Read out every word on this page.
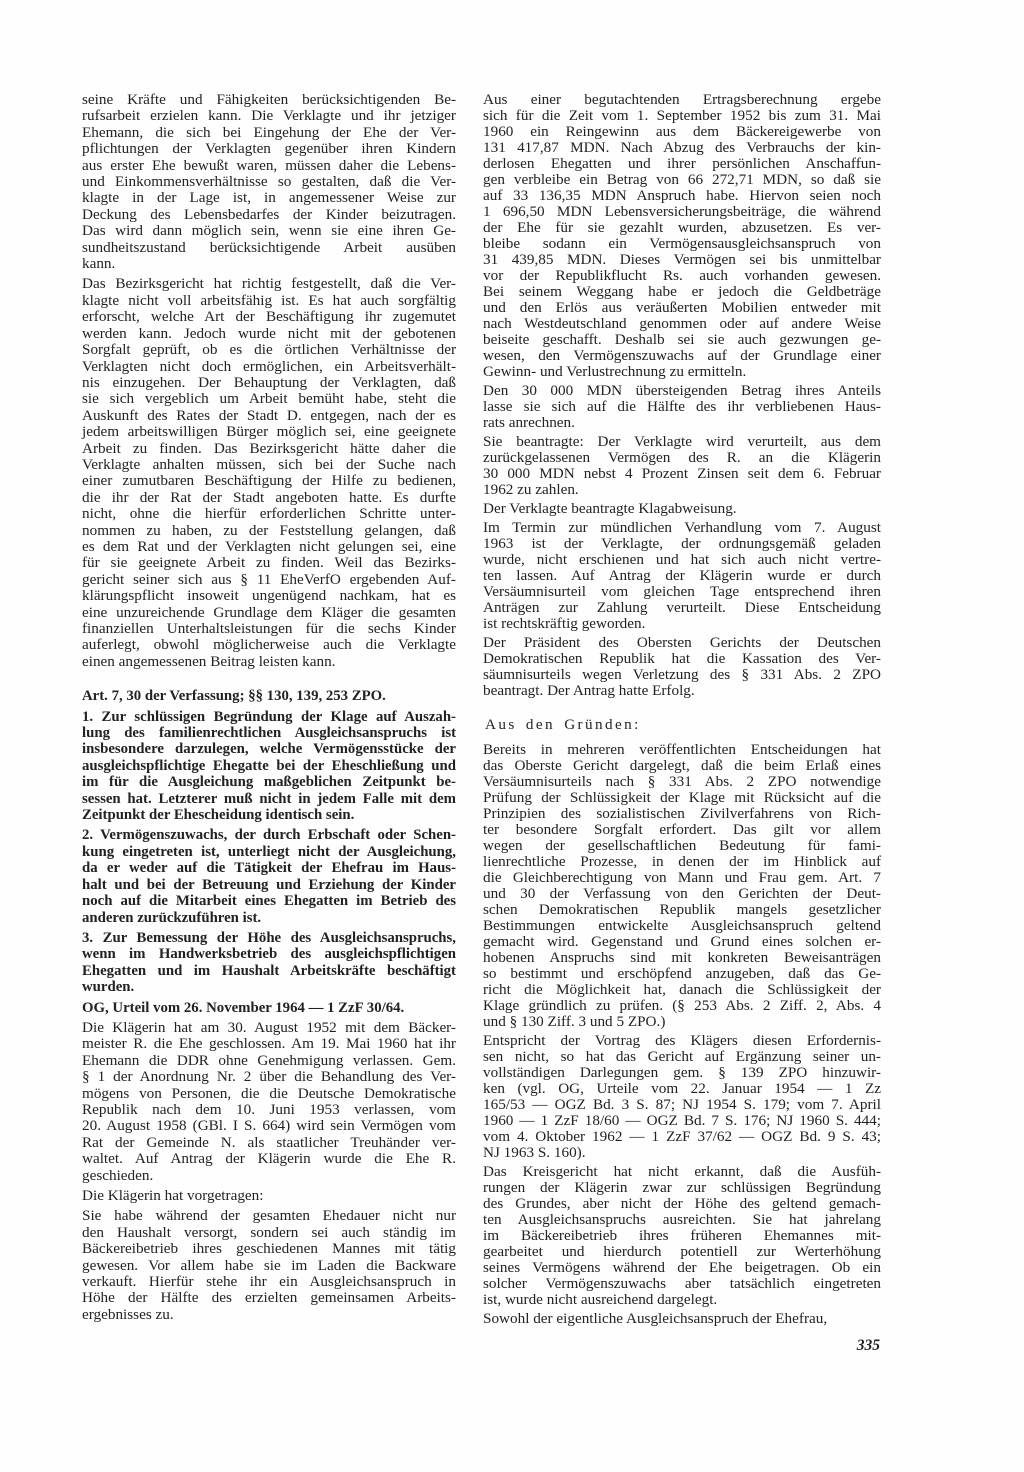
seine Kräfte und Fähigkeiten berücksichtigenden Be-
rufsarbeit erzielen kann. Die Verklagte und ihr jetziger
Ehemann, die sich bei Eingehung der Ehe der Ver-
pflichtungen der Verklagten gegenüber ihren Kindern
aus erster Ehe bewußt waren, müssen daher die Lebens-
und Einkommensverhältnisse so gestalten, daß die Ver-
klagte in der Lage ist, in angemessener Weise zur
Deckung des Lebensbedarfes der Kinder beizutragen.
Das wird dann möglich sein, wenn sie eine ihren Ge-
sundheitszustand berücksichtigende Arbeit ausüben
kann.
Das Bezirksgericht hat richtig festgestellt, daß die Ver-
klagte nicht voll arbeitsfähig ist. Es hat auch sorgfältig
erforscht, welche Art der Beschäftigung ihr zugemutet
werden kann. Jedoch wurde nicht mit der gebotenen
Sorgfalt geprüft, ob es die örtlichen Verhältnisse der
Verklagten nicht doch ermöglichen, ein Arbeitsverhält-
nis einzugehen. Der Behauptung der Verklagten, daß
sie sich vergeblich um Arbeit bemüht habe, steht die
Auskunft des Rates der Stadt D. entgegen, nach der es
jedem arbeitswilligen Bürger möglich sei, eine geeignete
Arbeit zu finden. Das Bezirksgericht hätte daher die
Verklagte anhalten müssen, sich bei der Suche nach
einer zumutbaren Beschäftigung der Hilfe zu bedienen,
die ihr der Rat der Stadt angeboten hatte. Es durfte
nicht, ohne die hierfür erforderlichen Schritte unter-
nommen zu haben, zu der Feststellung gelangen, daß
es dem Rat und der Verklagten nicht gelungen sei, eine
für sie geeignete Arbeit zu finden. Weil das Bezirks-
gericht seiner sich aus § 11 EheVerfO ergebenden Auf-
klärungspflicht insoweit ungenügend nachkam, hat es
eine unzureichende Grundlage dem Kläger die gesamten
finanziellen Unterhaltsleistungen für die sechs Kinder
auferlegt, obwohl möglicherweise auch die Verklagte
einen angemessenen Beitrag leisten kann.
Art. 7, 30 der Verfassung; §§ 130, 139, 253 ZPO.
1. Zur schlüssigen Begründung der Klage auf Auszah-
lung des familienrechtlichen Ausgleichsanspruchs ist
insbesondere darzulegen, welche Vermögensstücke der
ausgleichspflichtige Ehegatte bei der Eheschließung und
im für die Ausgleichung maßgeblichen Zeitpunkt be-
sessen hat. Letzterer muß nicht in jedem Falle mit dem
Zeitpunkt der Ehescheidung identisch sein.
2. Vermögenszuwachs, der durch Erbschaft oder Schen-
kung eingetreten ist, unterliegt nicht der Ausgleichung,
da er weder auf die Tätigkeit der Ehefrau im Haus-
halt und bei der Betreuung und Erziehung der Kinder
noch auf die Mitarbeit eines Ehegatten im Betrieb des
anderen zurückzuführen ist.
3. Zur Bemessung der Höhe des Ausgleichsanspruchs,
wenn im Handwerksbetrieb des ausgleichspflichtigen
Ehegatten und im Haushalt Arbeitskräfte beschäftigt
wurden.
OG, Urteil vom 26. November 1964 — 1 ZzF 30/64.
Die Klägerin hat am 30. August 1952 mit dem Bäcker-
meister R. die Ehe geschlossen. Am 19. Mai 1960 hat ihr
Ehemann die DDR ohne Genehmigung verlassen. Gem.
§ 1 der Anordnung Nr. 2 über die Behandlung des Ver-
mögens von Personen, die die Deutsche Demokratische
Republik nach dem 10. Juni 1953 verlassen, vom
20. August 1958 (GBl. I S. 664) wird sein Vermögen vom
Rat der Gemeinde N. als staatlicher Treuhänder ver-
waltet. Auf Antrag der Klägerin wurde die Ehe R.
geschieden.
Die Klägerin hat vorgetragen:
Sie habe während der gesamten Ehedauer nicht nur
den Haushalt versorgt, sondern sei auch ständig im
Bäckereibetrieb ihres geschiedenen Mannes mit tätig
gewesen. Vor allem habe sie im Laden die Backware
verkauft. Hierfür stehe ihr ein Ausgleichsanspruch in
Höhe der Hälfte des erzielten gemeinsamen Arbeits-
ergebnisses zu.
Aus einer begutachtenden Ertragsberechnung ergebe
sich für die Zeit vom 1. September 1952 bis zum 31. Mai
1960 ein Reingewinn aus dem Bäckereigewerbe von
131 417,87 MDN. Nach Abzug des Verbrauchs der kin-
derlosen Ehegatten und ihrer persönlichen Anschaffun-
gen verbleibe ein Betrag von 66 272,71 MDN, so daß sie
auf 33 136,35 MDN Anspruch habe. Hiervon seien noch
1 696,50 MDN Lebensversicherungsbeiträge, die während
der Ehe für sie gezahlt wurden, abzusetzen. Es ver-
bleibe sodann ein Vermögensausgleichsanspruch von
31 439,85 MDN. Dieses Vermögen sei bis unmittelbar
vor der Republikflucht Rs. auch vorhanden gewesen.
Bei seinem Weggang habe er jedoch die Geldbeträge
und den Erlös aus veräußerten Mobilien entweder mit
nach Westdeutschland genommen oder auf andere Weise
beiseite geschafft. Deshalb sei sie auch gezwungen ge-
wesen, den Vermögenszuwachs auf der Grundlage einer
Gewinn- und Verlustrechnung zu ermitteln.
Den 30 000 MDN übersteigenden Betrag ihres Anteils
lasse sie sich auf die Hälfte des ihr verbliebenen Haus-
rats anrechnen.
Sie beantragte: Der Verklagte wird verurteilt, aus dem
zurückgelassenen Vermögen des R. an die Klägerin
30 000 MDN nebst 4 Prozent Zinsen seit dem 6. Februar
1962 zu zahlen.
Der Verklagte beantragte Klagabweisung.
Im Termin zur mündlichen Verhandlung vom 7. August
1963 ist der Verklagte, der ordnungsgemäß geladen
wurde, nicht erschienen und hat sich auch nicht vertre-
ten lassen. Auf Antrag der Klägerin wurde er durch
Versäumnisurteil vom gleichen Tage entsprechend ihren
Anträgen zur Zahlung verurteilt. Diese Entscheidung
ist rechtskräftig geworden.
Der Präsident des Obersten Gerichts der Deutschen
Demokratischen Republik hat die Kassation des Ver-
säumnisurteils wegen Verletzung des § 331 Abs. 2 ZPO
beantragt. Der Antrag hatte Erfolg.
Aus den Gründen:
Bereits in mehreren veröffentlichten Entscheidungen hat
das Oberste Gericht dargelegt, daß die beim Erlaß eines
Versäumnisurteils nach § 331 Abs. 2 ZPO notwendige
Prüfung der Schlüssigkeit der Klage mit Rücksicht auf die
Prinzipien des sozialistischen Zivilverfahrens von Rich-
ter besondere Sorgfalt erfordert. Das gilt vor allem
wegen der gesellschaftlichen Bedeutung für fami-
lienrechtliche Prozesse, in denen der im Hinblick auf
die Gleichberechtigung von Mann und Frau gem. Art. 7
und 30 der Verfassung von den Gerichten der Deut-
schen Demokratischen Republik mangels gesetzlicher
Bestimmungen entwickelte Ausgleichsanspruch geltend
gemacht wird. Gegenstand und Grund eines solchen er-
hobenen Anspruchs sind mit konkreten Beweisanträgen
so bestimmt und erschöpfend anzugeben, daß das Ge-
richt die Möglichkeit hat, danach die Schlüssigkeit der
Klage gründlich zu prüfen. (§ 253 Abs. 2 Ziff. 2, Abs. 4
und § 130 Ziff. 3 und 5 ZPO.)
Entspricht der Vortrag des Klägers diesen Erfordernis-
sen nicht, so hat das Gericht auf Ergänzung seiner un-
vollständigen Darlegungen gem. § 139 ZPO hinzuwir-
ken (vgl. OG, Urteile vom 22. Januar 1954 — 1 Zz
165/53 — OGZ Bd. 3 S. 87; NJ 1954 S. 179; vom 7. April
1960 — 1 ZzF 18/60 — OGZ Bd. 7 S. 176; NJ 1960 S. 444;
vom 4. Oktober 1962 — 1 ZzF 37/62 — OGZ Bd. 9 S. 43;
NJ 1963 S. 160).
Das Kreisgericht hat nicht erkannt, daß die Ausfüh-
rungen der Klägerin zwar zur schlüssigen Begründung
des Grundes, aber nicht der Höhe des geltend gemach-
ten Ausgleichsanspruchs ausreichten. Sie hat jahrelang
im Bäckereibetrieb ihres früheren Ehemannes mit-
gearbeitet und hierdurch potentiell zur Werterhöhung
seines Vermögens während der Ehe beigetragen. Ob ein
solcher Vermögenszuwachs aber tatsächlich eingetreten
ist, wurde nicht ausreichend dargelegt.
Sowohl der eigentliche Ausgleichsanspruch der Ehefrau,
335
